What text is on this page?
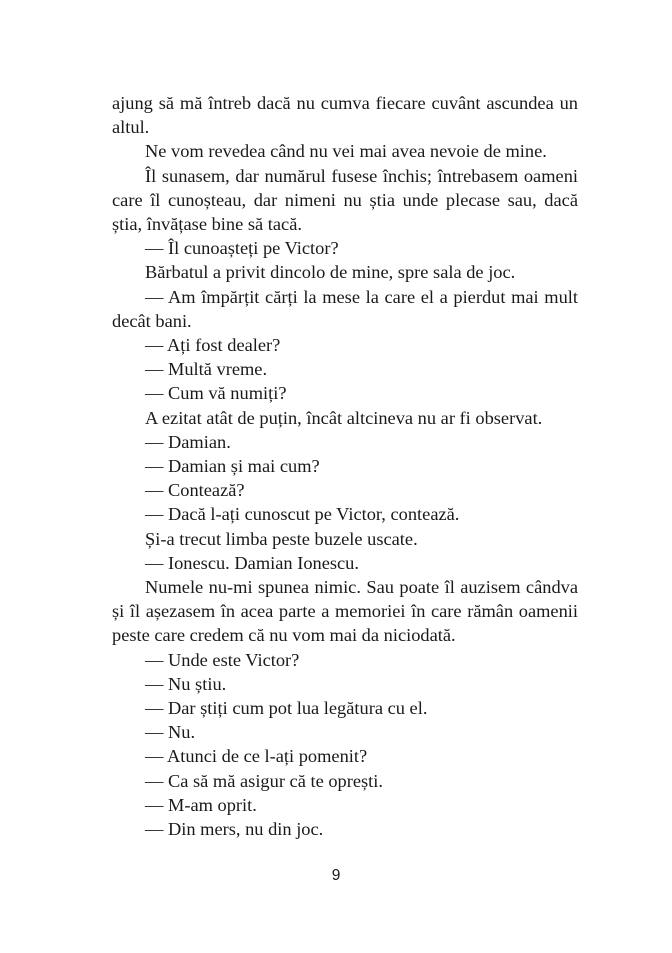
ajung să mă întreb dacă nu cumva fiecare cuvânt ascundea un altul.

Ne vom revedea când nu vei mai avea nevoie de mine.

Îl sunasem, dar numărul fusese închis; întrebasem oameni care îl cunoșteau, dar nimeni nu știa unde plecase sau, dacă știa, învățase bine să tacă.

— Îl cunoașteți pe Victor?

Bărbatul a privit dincolo de mine, spre sala de joc.

— Am împărțit cărți la mese la care el a pierdut mai mult decât bani.

— Ați fost dealer?

— Multă vreme.

— Cum vă numiți?

A ezitat atât de puțin, încât altcineva nu ar fi observat.

— Damian.

— Damian și mai cum?

— Contează?

— Dacă l-ați cunoscut pe Victor, contează.

Și-a trecut limba peste buzele uscate.

— Ionescu. Damian Ionescu.

Numele nu-mi spunea nimic. Sau poate îl auzisem cândva și îl așezasem în acea parte a memoriei în care rămân oamenii peste care credem că nu vom mai da niciodată.

— Unde este Victor?

— Nu știu.

— Dar știți cum pot lua legătura cu el.

— Nu.

— Atunci de ce l-ați pomenit?

— Ca să mă asigur că te oprești.

— M-am oprit.

— Din mers, nu din joc.

9
